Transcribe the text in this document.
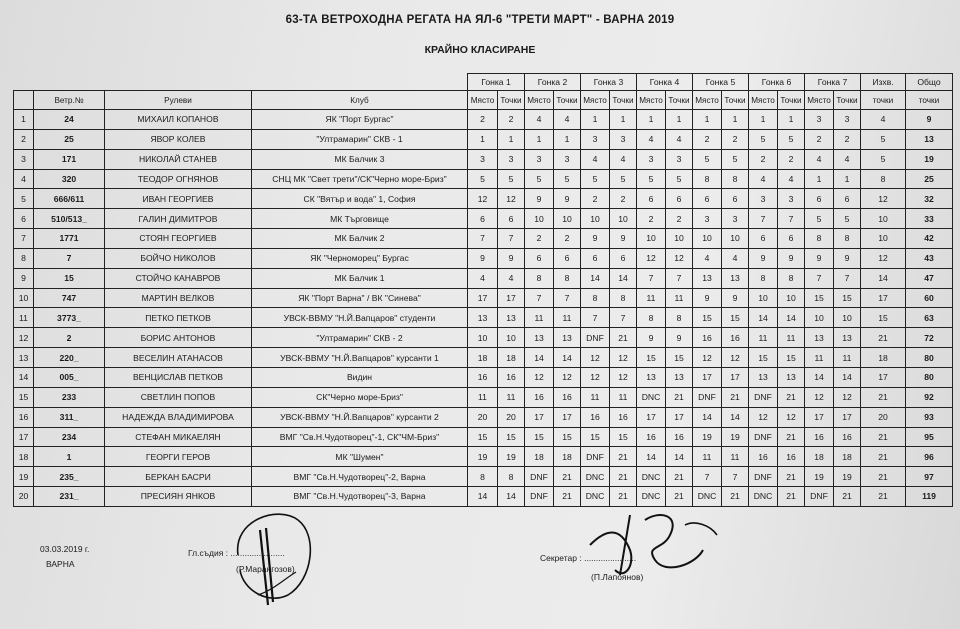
63-ТА ВЕТРОХОДНА РЕГАТА НА ЯЛ-6 "ТРЕТИ МАРТ" - ВАРНА 2019
КРАЙНО КЛАСИРАНЕ
				Гонка 1		Гонка 2		Гонка 3		Гонка 4		Гонка 5		Гонка 6		Гонка 7		Изхв.	Общо
	Ветр.№	Рулеви	Клуб	Място	Точки	Място	Точки	Място	Точки	Място	Точки	Място	Точки	Място	Точки	Място	Точки	точки	точки
1	24	МИХАИЛ КОПАНОВ	ЯК "Порт Бургас"	2	2	4	4	1	1	1	1	1	1	1	1	3	3	4	9
2	25	ЯВОР КОЛЕВ	"Ултрамарин" СКВ - 1	1	1	1	1	3	3	4	4	2	2	5	5	2	2	5	13
3	171	НИКОЛАЙ СТАНЕВ	МК Балчик 3	3	3	3	3	4	4	3	3	5	5	2	2	4	4	5	19
4	320	ТЕОДОР ОГНЯНОВ	СНЦ МК "Свет трети"/СК"Черно море-Бриз"	5	5	5	5	5	5	5	5	8	8	4	4	1	1	8	25
5	666/611	ИВАН ГЕОРГИЕВ	СК "Вятър и вода" 1, София	12	12	9	9	2	2	6	6	6	6	3	3	6	6	12	32
6	510/513_	ГАЛИН ДИМИТРОВ	МК Търговище	6	6	10	10	10	10	2	2	3	3	7	7	5	5	10	33
7	1771	СТОЯН ГЕОРГИЕВ	МК Балчик 2	7	7	2	2	9	9	10	10	10	10	6	6	8	8	10	42
8	7	БОЙЧО НИКОЛОВ	ЯК "Черноморец" Бургас	9	9	6	6	6	6	12	12	4	4	9	9	9	9	12	43
9	15	СТОЙЧО КАНАВРОВ	МК Балчик 1	4	4	8	8	14	14	7	7	13	13	8	8	7	7	14	47
10	747	МАРТИН ВЕЛКОВ	ЯК "Порт Варна" / ВК "Синева"	17	17	7	7	8	8	11	11	9	9	10	10	15	15	17	60
11	3773_	ПЕТКО ПЕТКОВ	УВСК-ВВМУ "Н.Й.Вапцаров" студенти	13	13	11	11	7	7	8	8	15	15	14	14	10	10	15	63
12	2	БОРИС АНТОНОВ	"Ултрамарин" СКВ - 2	10	10	13	13	DNF	21	9	9	16	16	11	11	13	13	21	72
13	220_	ВЕСЕЛИН АТАНАСОВ	УВСК-ВВМУ "Н.Й.Вапцаров" курсанти 1	18	18	14	14	12	12	15	15	12	12	15	15	11	11	18	80
14	005_	ВЕНЦИСЛАВ ПЕТКОВ	Видин	16	16	12	12	12	12	13	13	17	17	13	13	14	14	17	80
15	233	СВЕТЛИН ПОПОВ	СК"Черно море-Бриз"	11	11	16	16	11	11	DNC	21	DNF	21	DNF	21	12	12	21	92
16	311_	НАДЕЖДА ВЛАДИМИРОВА	УВСК-ВВМУ "Н.Й.Вапцаров" курсанти 2	20	20	17	17	16	16	17	17	14	14	12	12	17	17	20	93
17	234	СТЕФАН МИКАЕЛЯН	ВМГ "Св.Н.Чудотворец"-1, СК"ЧМ-Бриз"	15	15	15	15	15	15	16	16	19	19	DNF	21	16	16	21	95
18	1	ГЕОРГИ ГЕРОВ	МК "Шумен"	19	19	18	18	DNF	21	14	14	11	11	16	16	18	18	21	96
19	235_	БЕРКАН БАСРИ	ВМГ "Св.Н.Чудотворец"-2, Варна	8	8	DNF	21	DNC	21	DNC	21	7	7	DNF	21	19	19	21	97
20	231_	ПРЕСИЯН ЯНКОВ	ВМГ "Св.Н.Чудотворец"-3, Варна	14	14	DNF	21	DNC	21	DNC	21	DNC	21	DNC	21	DNF	21	21	119
03.03.2019 г.
ВАРНА
Гл.съдия : .......................
(Р.Марангозов)
Секретар : ......................
(П.Лапоянов)
